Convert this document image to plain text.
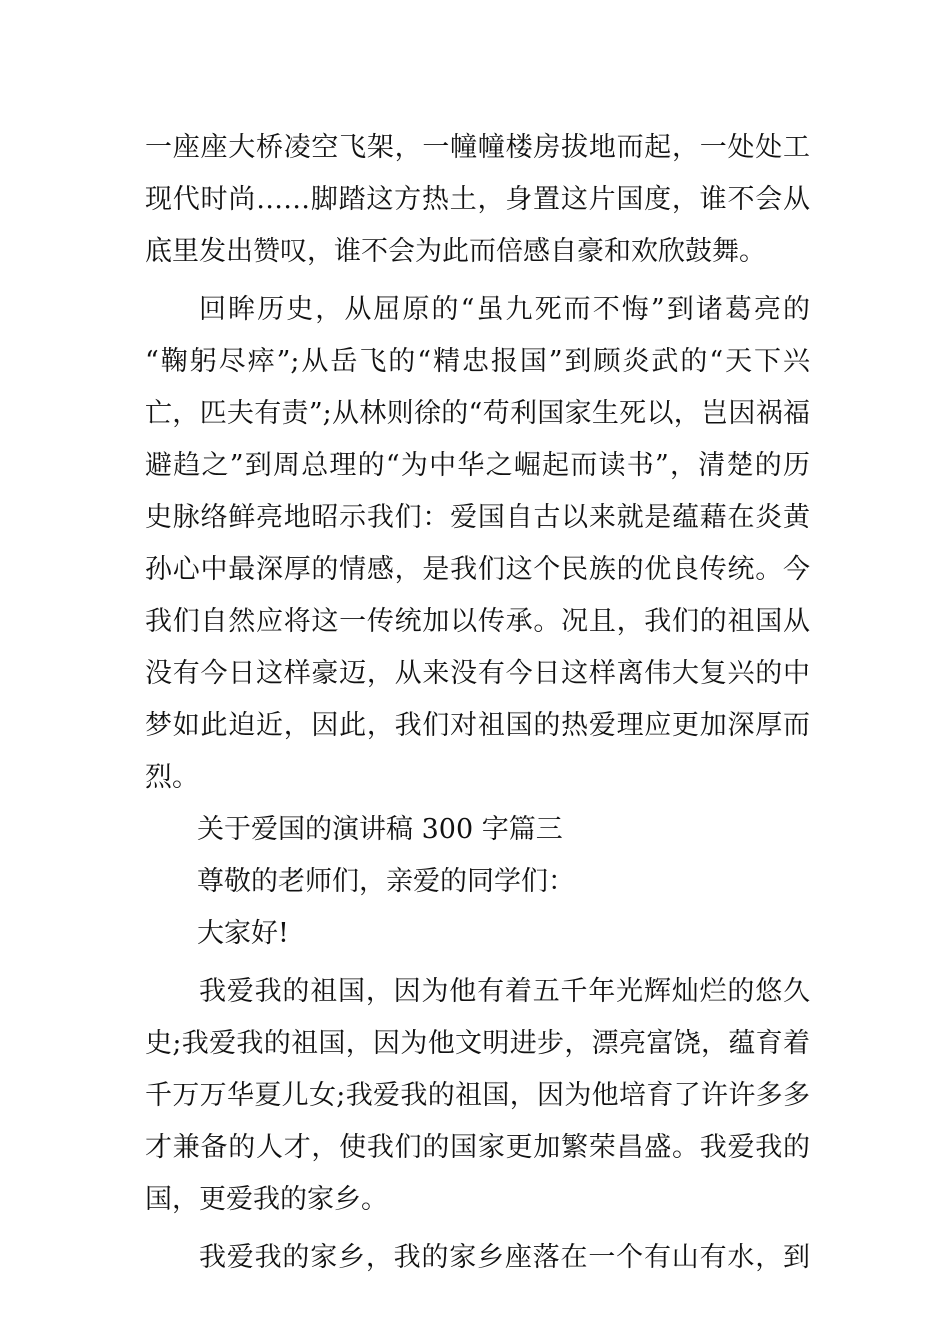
一座座大桥凌空飞架，一幢幢楼房拔地而起，一处处工
现代时尚……脚踏这方热土，身置这片国度，谁不会从
底里发出赞叹，谁不会为此而倍感自豪和欢欣鼓舞。
回眸历史，从屈原的“虽九死而不悔”到诸葛亮的
“鞠躬尽瘁”;从岳飞的“精忠报国”到顾炎武的“天下兴
亡，匹夫有责”;从林则徐的“苟利国家生死以，岂因祸福
避趋之”到周总理的“为中华之崛起而读书”，清楚的历
史脉络鲜亮地昭示我们：爱国自古以来就是蕴藉在炎黄
孙心中最深厚的情感，是我们这个民族的优良传统。今
我们自然应将这一传统加以传承。况且，我们的祖国从
没有今日这样豪迈，从来没有今日这样离伟大复兴的中
梦如此迫近，因此，我们对祖国的热爱理应更加深厚而
烈。
关于爱国的演讲稿 300 字篇三
尊敬的老师们，亲爱的同学们：
大家好!
我爱我的祖国，因为他有着五千年光辉灿烂的悠久
史;我爱我的祖国，因为他文明进步，漂亮富饶，蕴育着
千万万华夏儿女;我爱我的祖国，因为他培育了许许多多
才兼备的人才，使我们的国家更加繁荣昌盛。我爱我的
国，更爱我的家乡。
我爱我的家乡，我的家乡座落在一个有山有水，到
